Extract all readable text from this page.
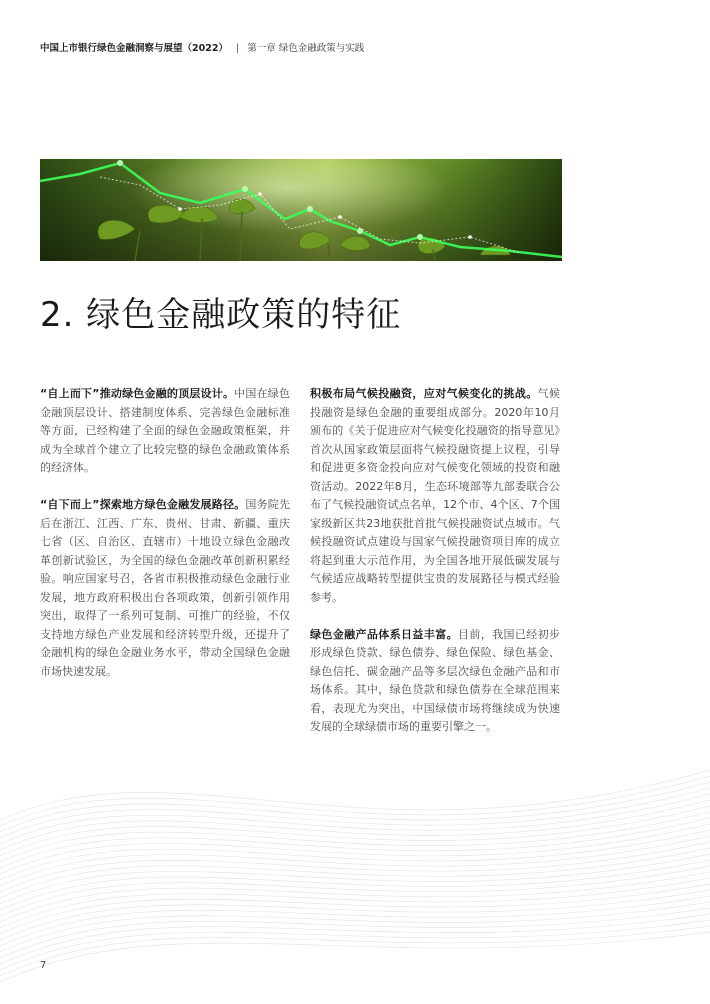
中国上市银行绿色金融洞察与展望（2022） | 第一章 绿色金融政策与实践
2. 绿色金融政策的特征

“自上而下”推动绿色金融的顶层设计。中国在绿色金融顶层设计、搭建制度体系、完善绿色金融标准等方面，已经构建了全面的绿色金融政策框架，并成为全球首个建立了比较完整的绿色金融政策体系的经济体。

“自下而上”探索地方绿色金融发展路径。国务院先后在浙江、江西、广东、贵州、甘肃、新疆、重庆七省（区、自治区、直辖市）十地设立绿色金融改革创新试验区，为全国的绿色金融改革创新积累经验。响应国家号召，各省市积极推动绿色金融行业发展，地方政府积极出台各项政策，创新引领作用突出，取得了一系列可复制、可推广的经验，不仅支持地方绿色产业发展和经济转型升级，还提升了金融机构的绿色金融业务水平，带动全国绿色金融市场快速发展。

积极布局气候投融资，应对气候变化的挑战。气候投融资是绿色金融的重要组成部分。2020年10月颁布的《关于促进应对气候变化投融资的指导意见》首次从国家政策层面将气候投融资提上议程，引导和促进更多资金投向应对气候变化领域的投资和融资活动。2022年8月，生态环境部等九部委联合公布了气候投融资试点名单，12个市、4个区、7个国家级新区共23地获批首批气候投融资试点城市。气候投融资试点建设与国家气候投融资项目库的成立将起到重大示范作用，为全国各地开展低碳发展与气候适应战略转型提供宝贵的发展路径与模式经验参考。

绿色金融产品体系日益丰富。目前，我国已经初步形成绿色贷款、绿色债券、绿色保险、绿色基金、绿色信托、碳金融产品等多层次绿色金融产品和市场体系。其中，绿色贷款和绿色债券在全球范围来看，表现尤为突出，中国绿债市场将继续成为快速发展的全球绿债市场的重要引擎之一。

7
